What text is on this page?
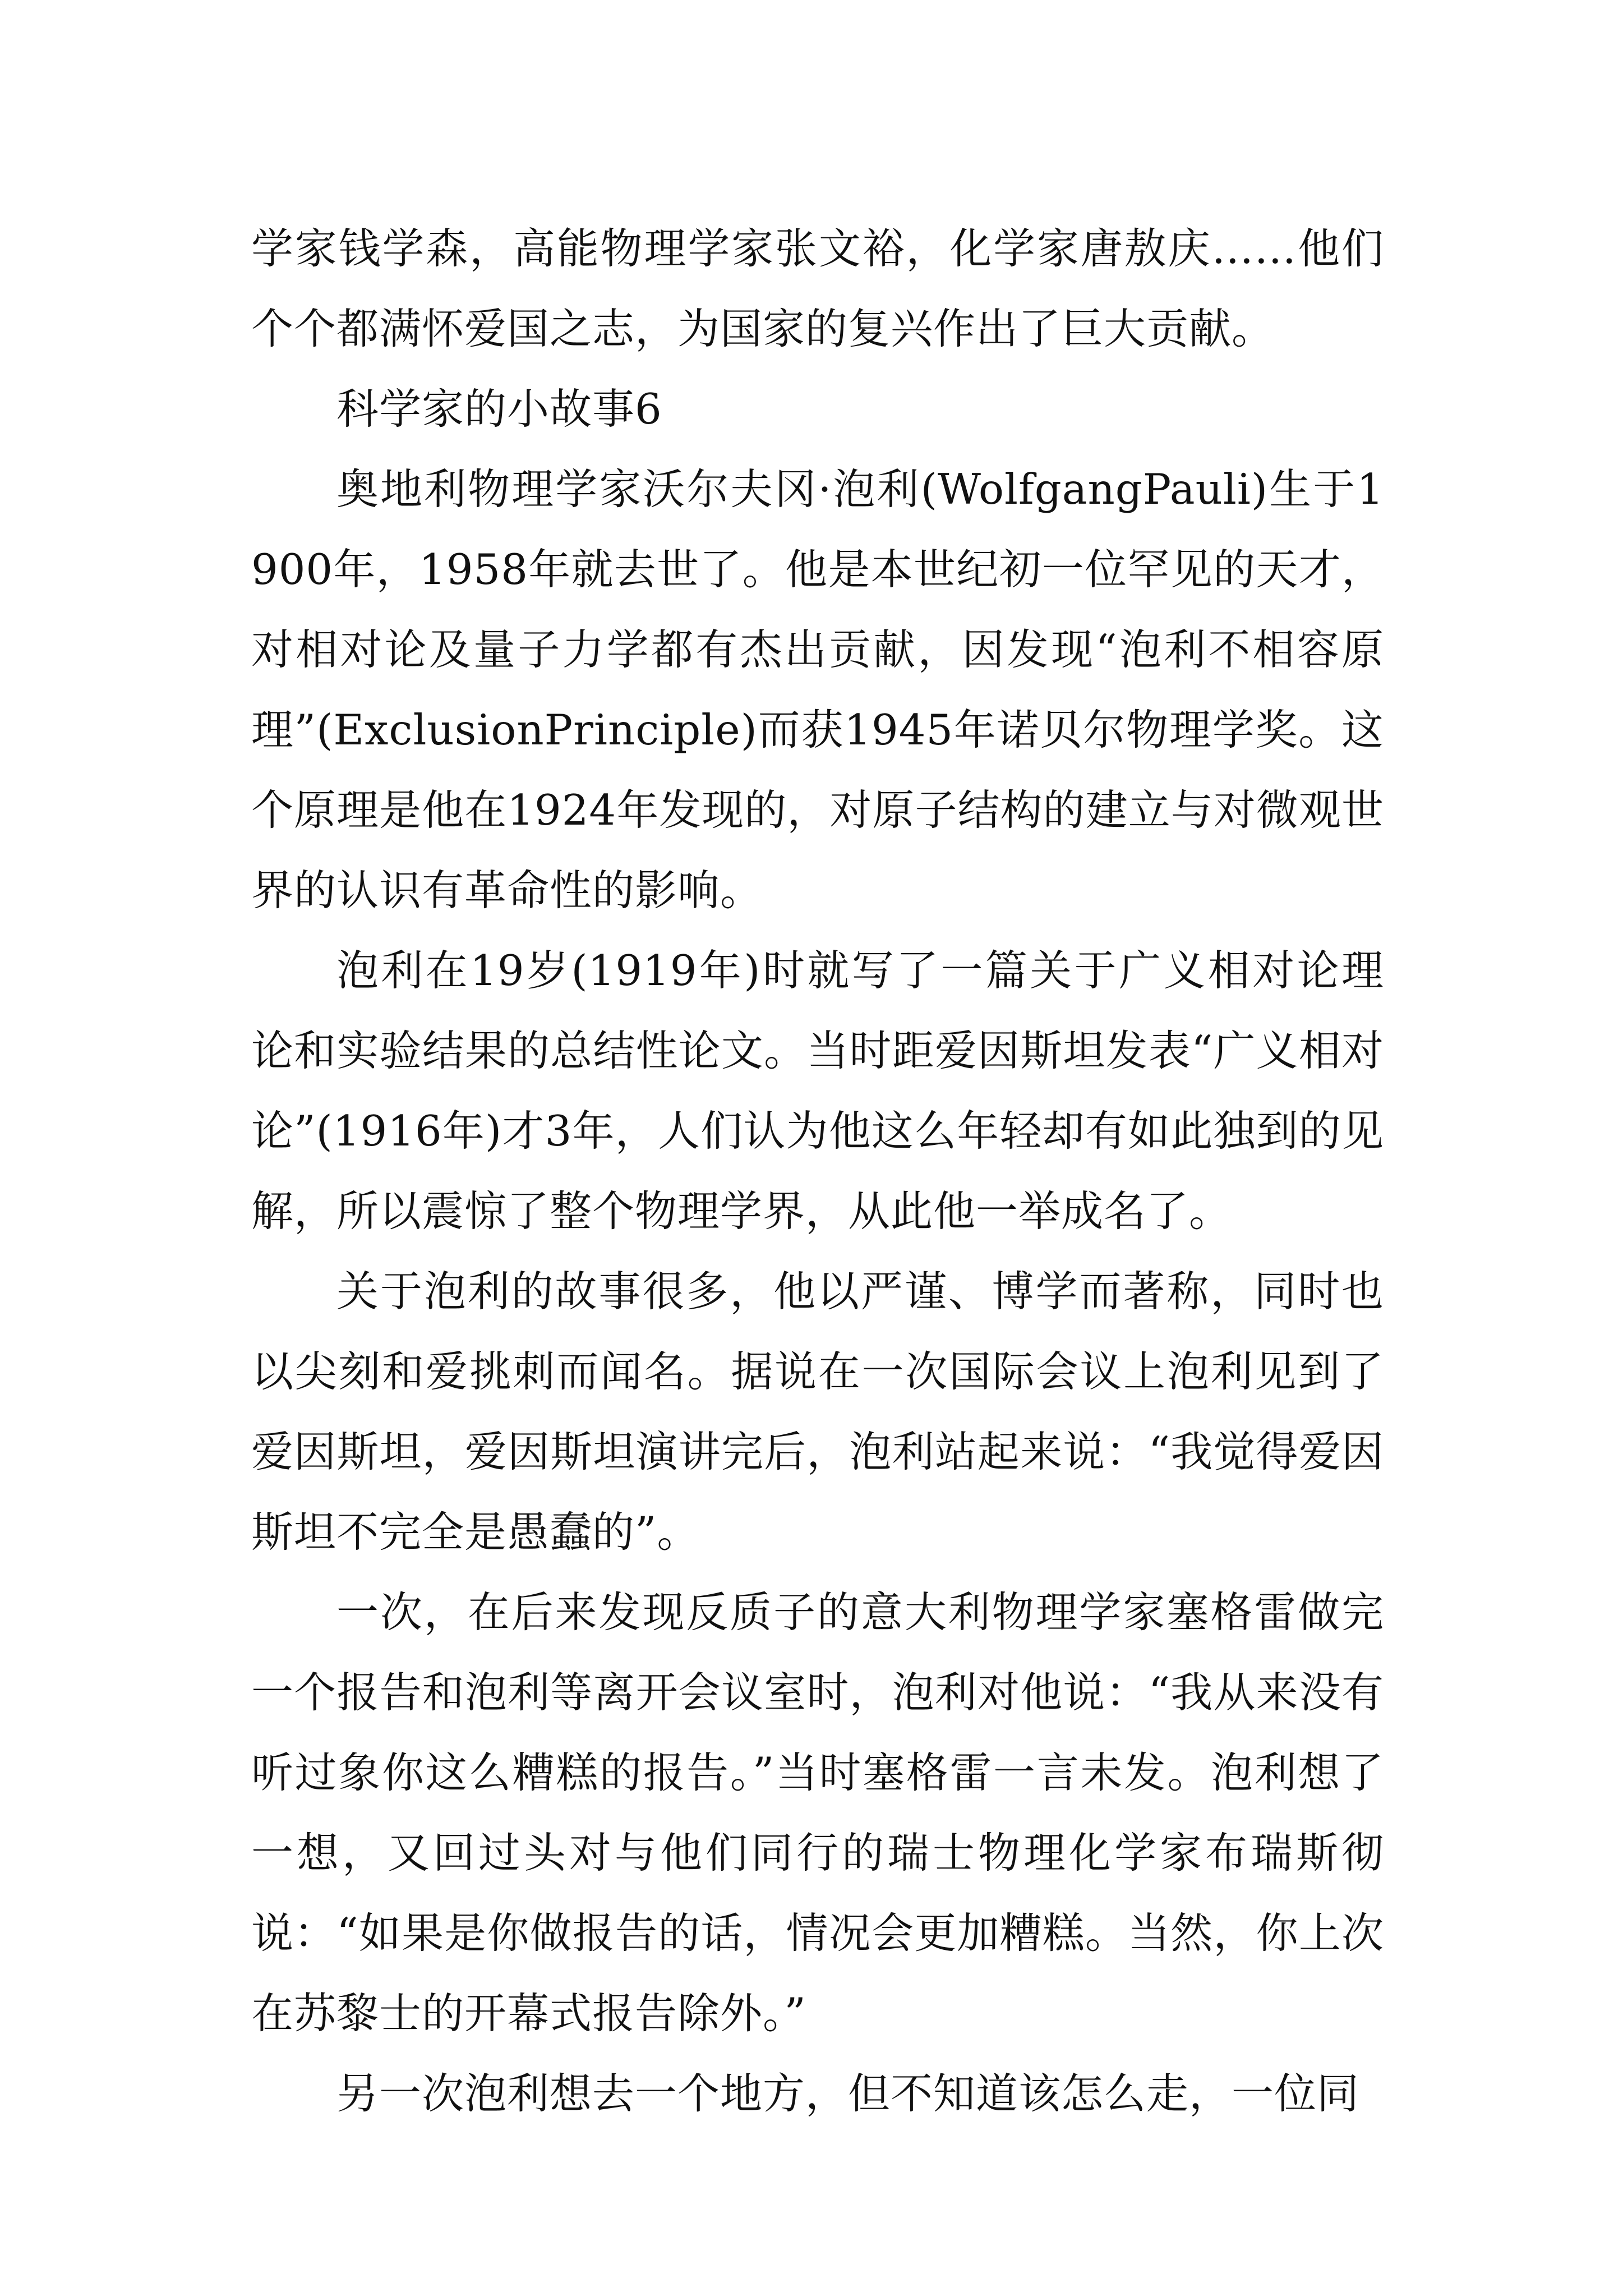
学家钱学森，高能物理学家张文裕，化学家唐敖庆……他们个个都满怀爱国之志，为国家的复兴作出了巨大贡献。

科学家的小故事6

奥地利物理学家沃尔夫冈·泡利(WolfgangPauli)生于1900年，1958年就去世了。他是本世纪初一位罕见的天才，对相对论及量子力学都有杰出贡献，因发现“泡利不相容原理”(ExclusionPrinciple)而获1945年诺贝尔物理学奖。这个原理是他在1924年发现的，对原子结构的建立与对微观世界的认识有革命性的影响。

泡利在19岁(1919年)时就写了一篇关于广义相对论理论和实验结果的总结性论文。当时距爱因斯坦发表“广义相对论”(1916年)才3年，人们认为他这么年轻却有如此独到的见解，所以震惊了整个物理学界，从此他一举成名了。

关于泡利的故事很多，他以严谨、博学而著称，同时也以尖刻和爱挑刺而闻名。据说在一次国际会议上泡利见到了爱因斯坦，爱因斯坦演讲完后，泡利站起来说：“我觉得爱因斯坦不完全是愚蠢的”。

一次，在后来发现反质子的意大利物理学家塞格雷做完一个报告和泡利等离开会议室时，泡利对他说：“我从来没有听过象你这么糟糕的报告。”当时塞格雷一言未发。泡利想了一想，又回过头对与他们同行的瑞士物理化学家布瑞斯彻说：“如果是你做报告的话，情况会更加糟糕。当然，你上次在苏黎士的开幕式报告除外。”

另一次泡利想去一个地方，但不知道该怎么走，一位同
